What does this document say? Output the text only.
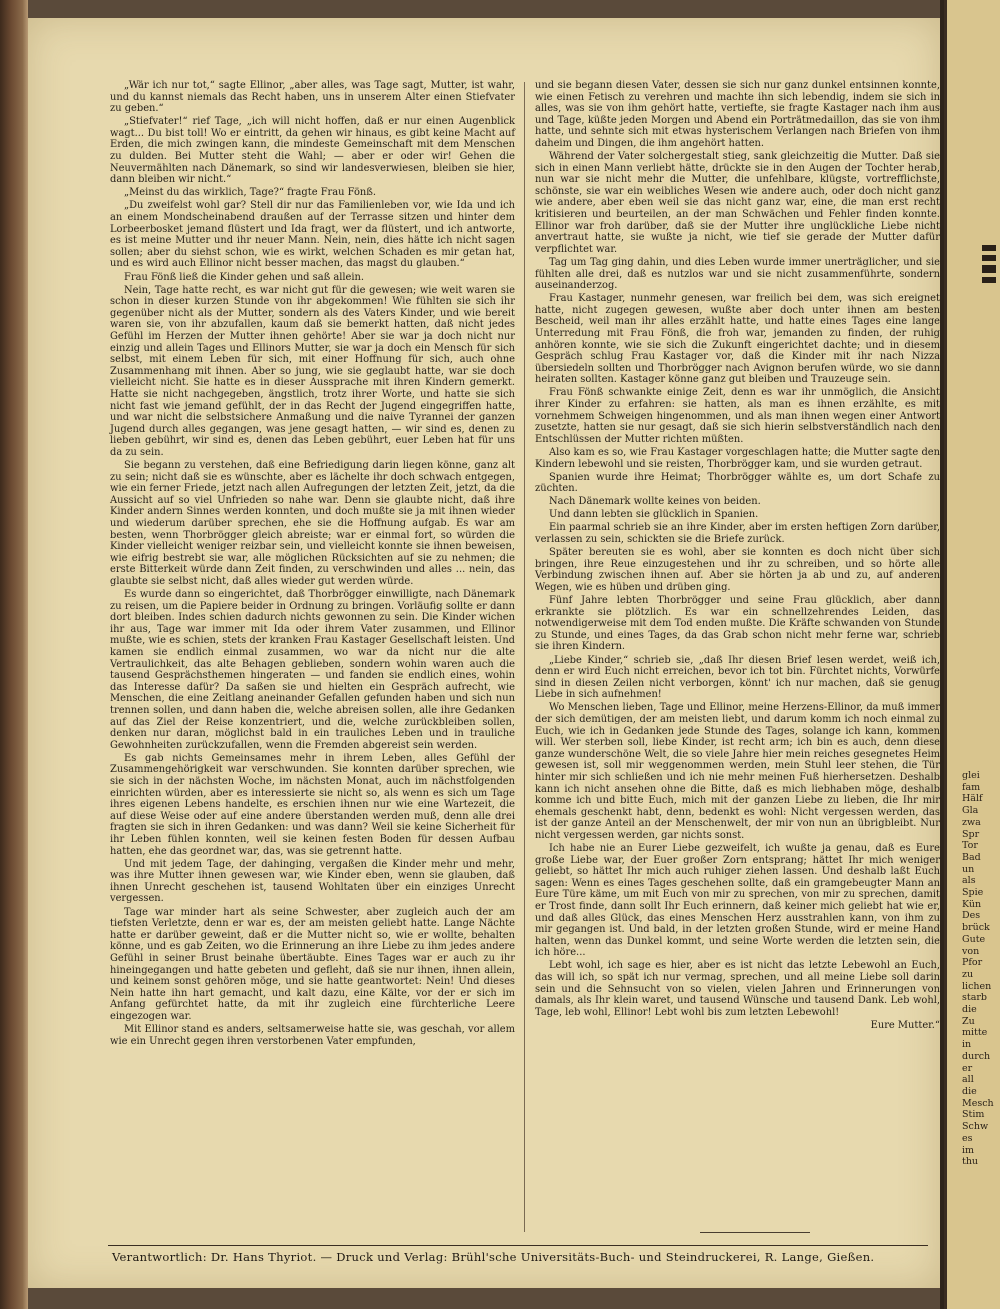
„Wär ich nur tot,“ sagte Ellinor, „aber alles, was Tage sagt, Mutter, ist wahr, und du kannst niemals das Recht haben, uns in unserem Alter einen Stiefvater zu geben.“

„Stiefvater!“ rief Tage, „ich will nicht hoffen, daß er nur einen Augenblick wagt... Du bist toll! Wo er eintritt, da gehen wir hinaus, es gibt keine Macht auf Erden, die mich zwingen kann, die mindeste Gemeinschaft mit dem Menschen zu dulden. Bei Mutter steht die Wahl; — aber er oder wir! Gehen die Neuvermählten nach Dänemark, so sind wir landesverwiesen, bleiben sie hier, dann bleiben wir nicht.“

„Meinst du das wirklich, Tage?“ fragte Frau Fönß.

„Du zweifelst wohl gar? Stell dir nur das Familienleben vor, wie Ida und ich an einem Mondscheinabend draußen auf der Terrasse sitzen und hinter dem Lorbeerbosket jemand flüstert und Ida fragt, wer da flüstert, und ich antworte, es ist meine Mutter und ihr neuer Mann. Nein, nein, dies hätte ich nicht sagen sollen; aber du siehst schon, wie es wirkt, welchen Schaden es mir getan hat, und es wird auch Ellinor nicht besser machen, das magst du glauben.“

Frau Fönß ließ die Kinder gehen und saß allein.

Nein, Tage hatte recht, es war nicht gut für die gewesen; wie weit waren sie schon in dieser kurzen Stunde von ihr abgekommen! Wie fühlten sie sich ihr gegenüber nicht als der Mutter, sondern als des Vaters Kinder, und wie bereit waren sie, von ihr abzufallen, kaum daß sie bemerkt hatten, daß nicht jedes Gefühl im Herzen der Mutter ihnen gehörte! Aber sie war ja doch nicht nur einzig und allein Tages und Ellinors Mutter, sie war ja doch ein Mensch für sich selbst, mit einem Leben für sich, mit einer Hoffnung für sich, auch ohne Zusammenhang mit ihnen. Aber so jung, wie sie geglaubt hatte, war sie doch vielleicht nicht. Sie hatte es in dieser Aussprache mit ihren Kindern gemerkt. Hatte sie nicht nachgegeben, ängstlich, trotz ihrer Worte, und hatte sie sich nicht fast wie jemand gefühlt, der in das Recht der Jugend eingegriffen hatte, und war nicht die selbstsichere Anmaßung und die naive Tyrannei der ganzen Jugend durch alles gegangen, was jene gesagt hatten, — wir sind es, denen zu lieben gebührt, wir sind es, denen das Leben gebührt, euer Leben hat für uns da zu sein.

Sie begann zu verstehen, daß eine Befriedigung darin liegen könne, ganz alt zu sein; nicht daß sie es wünschte, aber es lächelte ihr doch schwach entgegen, wie ein ferner Friede, jetzt nach allen Aufregungen der letzten Zeit, jetzt, da die Aussicht auf so viel Unfrieden so nahe war. Denn sie glaubte nicht, daß ihre Kinder andern Sinnes werden konnten, und doch mußte sie ja mit ihnen wieder und wiederum darüber sprechen, ehe sie die Hoffnung aufgab. Es war am besten, wenn Thorbrögger gleich abreiste; war er einmal fort, so würden die Kinder vielleicht weniger reizbar sein, und vielleicht konnte sie ihnen beweisen, wie eifrig bestrebt sie war, alle möglichen Rücksichten auf sie zu nehmen; die erste Bitterkeit würde dann Zeit finden, zu verschwinden und alles ... nein, das glaubte sie selbst nicht, daß alles wieder gut werden würde.

Es wurde dann so eingerichtet, daß Thorbrögger einwilligte, nach Dänemark zu reisen, um die Papiere beider in Ordnung zu bringen. Vorläufig sollte er dann dort bleiben. Indes schien dadurch nichts gewonnen zu sein. Die Kinder wichen ihr aus, Tage war immer mit Ida oder ihrem Vater zusammen, und Ellinor mußte, wie es schien, stets der kranken Frau Kastager Gesellschaft leisten. Und kamen sie endlich einmal zusammen, wo war da nicht nur die alte Vertraulichkeit, das alte Behagen geblieben, sondern wohin waren auch die tausend Gesprächsthemen hingeraten — und fanden sie endlich eines, wohin das Interesse dafür? Da saßen sie und hielten ein Gespräch aufrecht, wie Menschen, die eine Zeitlang aneinander Gefallen gefunden haben und sich nun trennen sollen, und dann haben die, welche abreisen sollen, alle ihre Gedanken auf das Ziel der Reise konzentriert, und die, welche zurückbleiben sollen, denken nur daran, möglichst bald in ein trauliches Leben und in trauliche Gewohnheiten zurückzufallen, wenn die Fremden abgereist sein werden.

Es gab nichts Gemeinsames mehr in ihrem Leben, alles Gefühl der Zusammengehörigkeit war verschwunden. Sie konnten darüber sprechen, wie sie sich in der nächsten Woche, im nächsten Monat, auch im nächstfolgenden einrichten würden, aber es interessierte sie nicht so, als wenn es sich um Tage ihres eigenen Lebens handelte, es erschien ihnen nur wie eine Wartezeit, die auf diese Weise oder auf eine andere überstanden werden muß, denn alle drei fragten sie sich in ihren Gedanken: und was dann? Weil sie keine Sicherheit für ihr Leben fühlen konnten, weil sie keinen festen Boden für dessen Aufbau hatten, ehe das geordnet war, das, was sie getrennt hatte.

Und mit jedem Tage, der dahinging, vergaßen die Kinder mehr und mehr, was ihre Mutter ihnen gewesen war, wie Kinder eben, wenn sie glauben, daß ihnen Unrecht geschehen ist, tausend Wohltaten über ein einziges Unrecht vergessen.

Tage war minder hart als seine Schwester, aber zugleich auch der am tiefsten Verletzte, denn er war es, der am meisten geliebt hatte. Lange Nächte hatte er darüber geweint, daß er die Mutter nicht so, wie er wollte, behalten könne, und es gab Zeiten, wo die Erinnerung an ihre Liebe zu ihm jedes andere Gefühl in seiner Brust beinahe übertäubte. Eines Tages war er auch zu ihr hineingegangen und hatte gebeten und gefleht, daß sie nur ihnen, ihnen allein, und keinem sonst gehören möge, und sie hatte geantwortet: Nein! Und dieses Nein hatte ihn hart gemacht, und kalt dazu, eine Kälte, vor der er sich im Anfang gefürchtet hatte, da mit ihr zugleich eine fürchterliche Leere eingezogen war.

Mit Ellinor stand es anders, seltsamerweise hatte sie, was geschah, vor allem wie ein Unrecht gegen ihren verstorbenen Vater empfunden,

und sie begann diesen Vater, dessen sie sich nur ganz dunkel entsinnen konnte, wie einen Fetisch zu verehren und machte ihn sich lebendig, indem sie sich in alles, was sie von ihm gehört hatte, vertiefte, sie fragte Kastager nach ihm aus und Tage, küßte jeden Morgen und Abend ein Porträtmedaillon, das sie von ihm hatte, und sehnte sich mit etwas hysterischem Verlangen nach Briefen von ihm daheim und Dingen, die ihm angehört hatten.

Während der Vater solchergestalt stieg, sank gleichzeitig die Mutter. Daß sie sich in einen Mann verliebt hätte, drückte sie in den Augen der Tochter herab, nun war sie nicht mehr die Mutter, die unfehlbare, klügste, vortrefflichste, schönste, sie war ein weibliches Wesen wie andere auch, oder doch nicht ganz wie andere, aber eben weil sie das nicht ganz war, eine, die man erst recht kritisieren und beurteilen, an der man Schwächen und Fehler finden konnte. Ellinor war froh darüber, daß sie der Mutter ihre unglückliche Liebe nicht anvertraut hatte, sie wußte ja nicht, wie tief sie gerade der Mutter dafür verpflichtet war.

Tag um Tag ging dahin, und dies Leben wurde immer unerträglicher, und sie fühlten alle drei, daß es nutzlos war und sie nicht zusammenführte, sondern auseinanderzog.

Frau Kastager, nunmehr genesen, war freilich bei dem, was sich ereignet hatte, nicht zugegen gewesen, wußte aber doch unter ihnen am besten Bescheid, weil man ihr alles erzählt hatte, und hatte eines Tages eine lange Unterredung mit Frau Fönß, die froh war, jemanden zu finden, der ruhig anhören konnte, wie sie sich die Zukunft eingerichtet dachte; und in diesem Gespräch schlug Frau Kastager vor, daß die Kinder mit ihr nach Nizza übersiedeln sollten und Thorbrögger nach Avignon berufen würde, wo sie dann heiraten sollten. Kastager könne ganz gut bleiben und Trauzeuge sein.

Frau Fönß schwankte einige Zeit, denn es war ihr unmöglich, die Ansicht ihrer Kinder zu erfahren: sie hatten, als man es ihnen erzählte, es mit vornehmem Schweigen hingenommen, und als man ihnen wegen einer Antwort zusetzte, hatten sie nur gesagt, daß sie sich hierin selbstverständlich nach den Entschlüssen der Mutter richten müßten.

Also kam es so, wie Frau Kastager vorgeschlagen hatte; die Mutter sagte den Kindern lebewohl und sie reisten, Thorbrögger kam, und sie wurden getraut.

Spanien wurde ihre Heimat; Thorbrögger wählte es, um dort Schafe zu züchten.

Nach Dänemark wollte keines von beiden.

Und dann lebten sie glücklich in Spanien.

Ein paarmal schrieb sie an ihre Kinder, aber im ersten heftigen Zorn darüber, verlassen zu sein, schickten sie die Briefe zurück.

Später bereuten sie es wohl, aber sie konnten es doch nicht über sich bringen, ihre Reue einzugestehen und ihr zu schreiben, und so hörte alle Verbindung zwischen ihnen auf. Aber sie hörten ja ab und zu, auf anderen Wegen, wie es hüben und drüben ging.

Fünf Jahre lebten Thorbrögger und seine Frau glücklich, aber dann erkrankte sie plötzlich. Es war ein schnellzehrendes Leiden, das notwendigerweise mit dem Tod enden mußte. Die Kräfte schwanden von Stunde zu Stunde, und eines Tages, da das Grab schon nicht mehr ferne war, schrieb sie ihren Kindern.

„Liebe Kinder,“ schrieb sie, „daß Ihr diesen Brief lesen werdet, weiß ich, denn er wird Euch nicht erreichen, bevor ich tot bin. Fürchtet nichts, Vorwürfe sind in diesen Zeilen nicht verborgen, könnt' ich nur machen, daß sie genug Liebe in sich aufnehmen!

Wo Menschen lieben, Tage und Ellinor, meine Herzens-Ellinor, da muß immer der sich demütigen, der am meisten liebt, und darum komm ich noch einmal zu Euch, wie ich in Gedanken jede Stunde des Tages, solange ich kann, kommen will. Wer sterben soll, liebe Kinder, ist recht arm; ich bin es auch, denn diese ganze wunderschöne Welt, die so viele Jahre hier mein reiches gesegnetes Heim gewesen ist, soll mir weggenommen werden, mein Stuhl leer stehen, die Tür hinter mir sich schließen und ich nie mehr meinen Fuß hierhersetzen. Deshalb kann ich nicht ansehen ohne die Bitte, daß es mich liebhaben möge, deshalb komme ich und bitte Euch, mich mit der ganzen Liebe zu lieben, die Ihr mir ehemals geschenkt habt, denn, bedenkt es wohl: Nicht vergessen werden, das ist der ganze Anteil an der Menschenwelt, der mir von nun an übrigbleibt. Nur nicht vergessen werden, gar nichts sonst.

Ich habe nie an Eurer Liebe gezweifelt, ich wußte ja genau, daß es Eure große Liebe war, der Euer großer Zorn entsprang; hättet Ihr mich weniger geliebt, so hättet Ihr mich auch ruhiger ziehen lassen. Und deshalb laßt Euch sagen: Wenn es eines Tages geschehen sollte, daß ein gramgebeugter Mann an Eure Türe käme, um mit Euch von mir zu sprechen, von mir zu sprechen, damit er Trost finde, dann sollt Ihr Euch erinnern, daß keiner mich geliebt hat wie er, und daß alles Glück, das eines Menschen Herz ausstrahlen kann, von ihm zu mir gegangen ist. Und bald, in der letzten großen Stunde, wird er meine Hand halten, wenn das Dunkel kommt, und seine Worte werden die letzten sein, die ich höre...

Lebt wohl, ich sage es hier, aber es ist nicht das letzte Lebewohl an Euch, das will ich, so spät ich nur vermag, sprechen, und all meine Liebe soll darin sein und die Sehnsucht von so vielen, vielen Jahren und Erinnerungen von damals, als Ihr klein waret, und tausend Wünsche und tausend Dank. Leb wohl, Tage, leb wohl, Ellinor! Lebt wohl bis zum letzten Lebewohl!

Eure Mutter.“
Verantwortlich: Dr. Hans Thyriot. — Druck und Verlag: Brühl'sche Universitäts-Buch- und Steindruckerei, R. Lange, Gießen.
glei
fam
Hälf
Gla
zwa
Spr
Tor
Bad
un
als
Spie
Kün
Des
brück
Gute
von
Pfor
zu
lichen
starb
die
Zu
mitte
in
durch
er
all
die
Mesch
Stim
Schw
es
im
thu
